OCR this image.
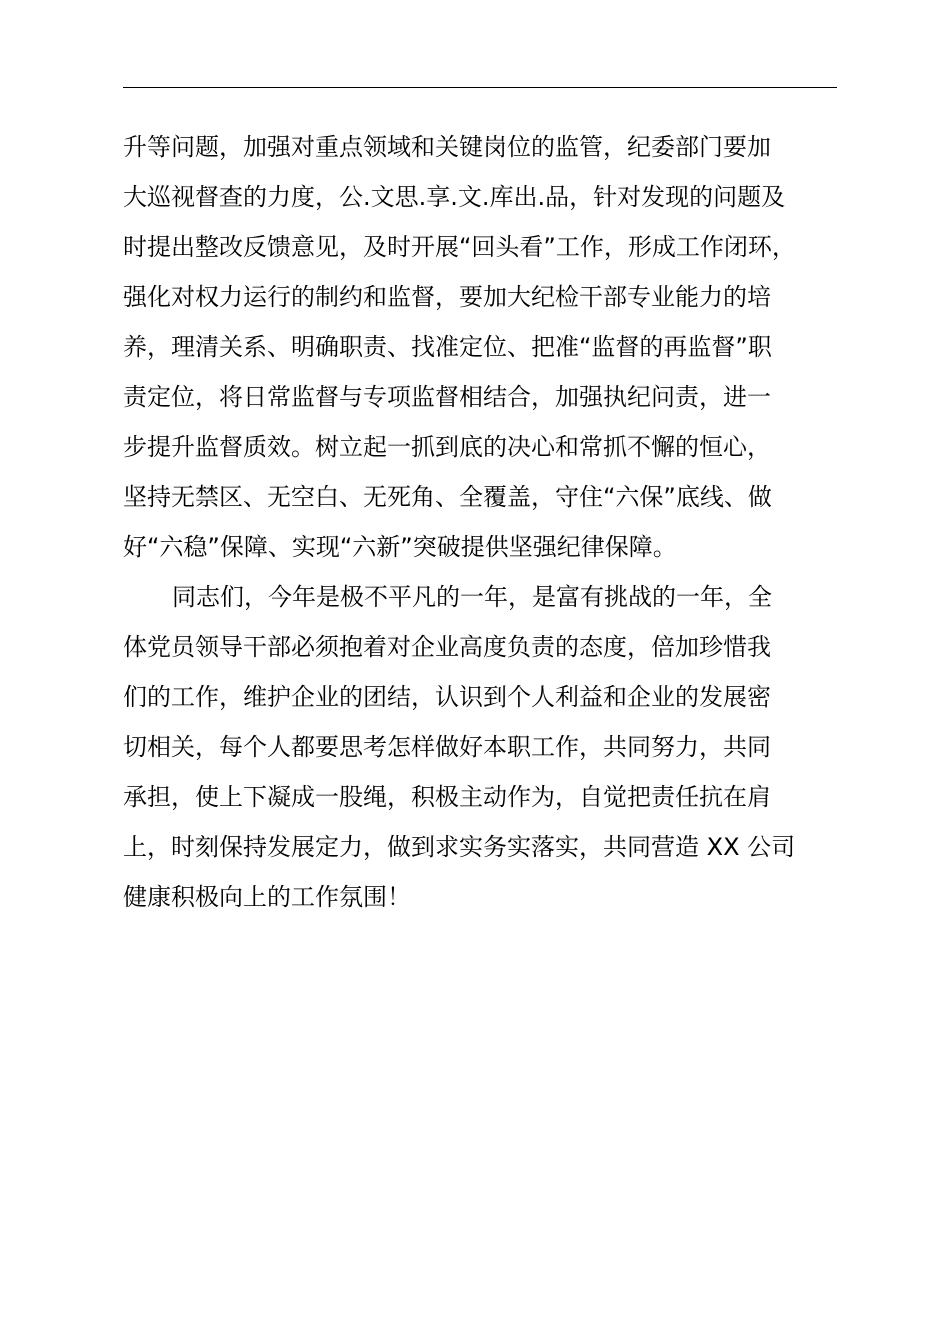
升等问题，加强对重点领域和关键岗位的监管，纪委部门要加
大巡视督查的力度，公.文思.享.文.库出.品，针对发现的问题及
时提出整改反馈意见，及时开展“回头看”工作，形成工作闭环，
强化对权力运行的制约和监督，要加大纪检干部专业能力的培
养，理清关系、明确职责、找准定位、把准“监督的再监督”职
责定位，将日常监督与专项监督相结合，加强执纪问责，进一
步提升监督质效。树立起一抓到底的决心和常抓不懈的恒心，
坚持无禁区、无空白、无死角、全覆盖，守住“六保”底线、做
好“六稳”保障、实现“六新”突破提供坚强纪律保障。
同志们，今年是极不平凡的一年，是富有挑战的一年，全
体党员领导干部必须抱着对企业高度负责的态度，倍加珍惜我
们的工作，维护企业的团结，认识到个人利益和企业的发展密
切相关，每个人都要思考怎样做好本职工作，共同努力，共同
承担，使上下凝成一股绳，积极主动作为，自觉把责任抗在肩
上，时刻保持发展定力，做到求实务实落实，共同营造 XX 公司
健康积极向上的工作氛围！
